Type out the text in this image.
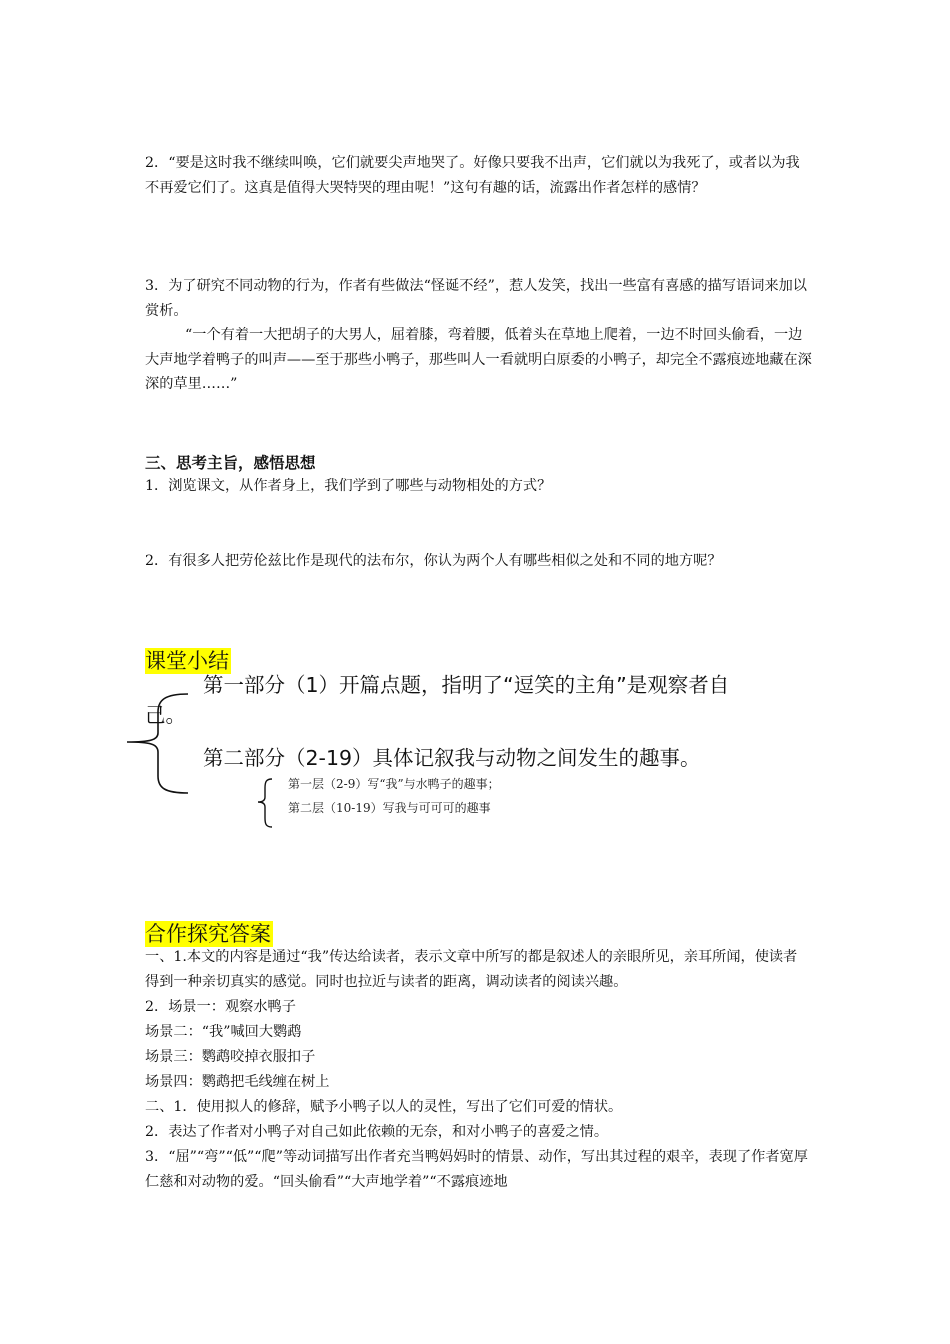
2．“要是这时我不继续叫唤，它们就要尖声地哭了。好像只要我不出声，它们就以为我死了，或者以为我不再爱它们了。这真是值得大哭特哭的理由呢！”这句有趣的话，流露出作者怎样的感情？

3．为了研究不同动物的行为，作者有些做法“怪诞不经”，惹人发笑，找出一些富有喜感的描写语词来加以赏析。

“一个有着一大把胡子的大男人，屈着膝，弯着腰，低着头在草地上爬着，一边不时回头偷看，一边大声地学着鸭子的叫声——至于那些小鸭子，那些叫人一看就明白原委的小鸭子，却完全不露痕迹地藏在深深的草里……”

三、思考主旨，感悟思想

1．浏览课文，从作者身上，我们学到了哪些与动物相处的方式？

2．有很多人把劳伦兹比作是现代的法布尔，你认为两个人有哪些相似之处和不同的地方呢？

课堂小结
第一部分（1）开篇点题，指明了“逗笑的主角”是观察者自
己。
第二部分（2-19）具体记叙我与动物之间发生的趣事。
第一层（2-9）写“我”与水鸭子的趣事；
第二层（10-19）写我与可可可的趣事
合作探究答案
一、1.本文的内容是通过“我”传达给读者，表示文章中所写的都是叙述人的亲眼所见，亲耳所闻，使读者得到一种亲切真实的感觉。同时也拉近与读者的距离，调动读者的阅读兴趣。
2．场景一：观察水鸭子
场景二：“我”喊回大鹦鹉
场景三：鹦鹉咬掉衣服扣子
场景四：鹦鹉把毛线缠在树上
二、1．使用拟人的修辞，赋予小鸭子以人的灵性，写出了它们可爱的情状。
2．表达了作者对小鸭子对自己如此依赖的无奈，和对小鸭子的喜爱之情。
3．“屈”“弯”“低”“爬”等动词描写出作者充当鸭妈妈时的情景、动作，写出其过程的艰辛，表现了作者宽厚仁慈和对动物的爱。“回头偷看”“大声地学着”“不露痕迹地
